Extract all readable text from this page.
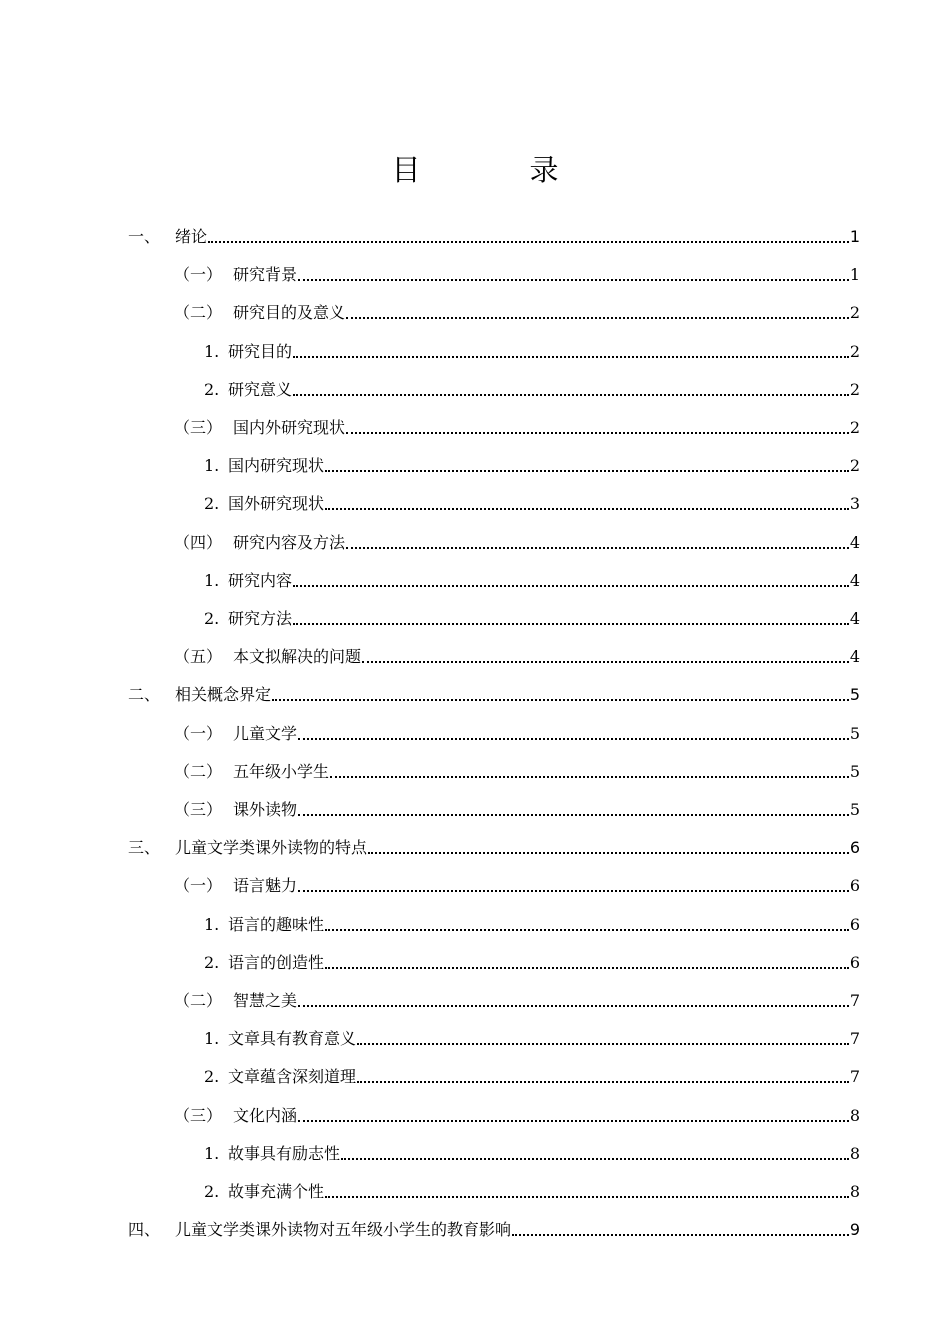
目　录
一、 绪论	1
（一） 研究背景	1
（二） 研究目的及意义	2
1. 研究目的	2
2. 研究意义	2
（三） 国内外研究现状	2
1. 国内研究现状	2
2. 国外研究现状	3
（四） 研究内容及方法	4
1. 研究内容	4
2. 研究方法	4
（五） 本文拟解决的问题	4
二、 相关概念界定	5
（一） 儿童文学	5
（二） 五年级小学生	5
（三） 课外读物	5
三、 儿童文学类课外读物的特点	6
（一） 语言魅力	6
1. 语言的趣味性	6
2. 语言的创造性	6
（二） 智慧之美	7
1. 文章具有教育意义	7
2. 文章蕴含深刻道理	7
（三） 文化内涵	8
1. 故事具有励志性	8
2. 故事充满个性	8
四、 儿童文学类课外读物对五年级小学生的教育影响	9
